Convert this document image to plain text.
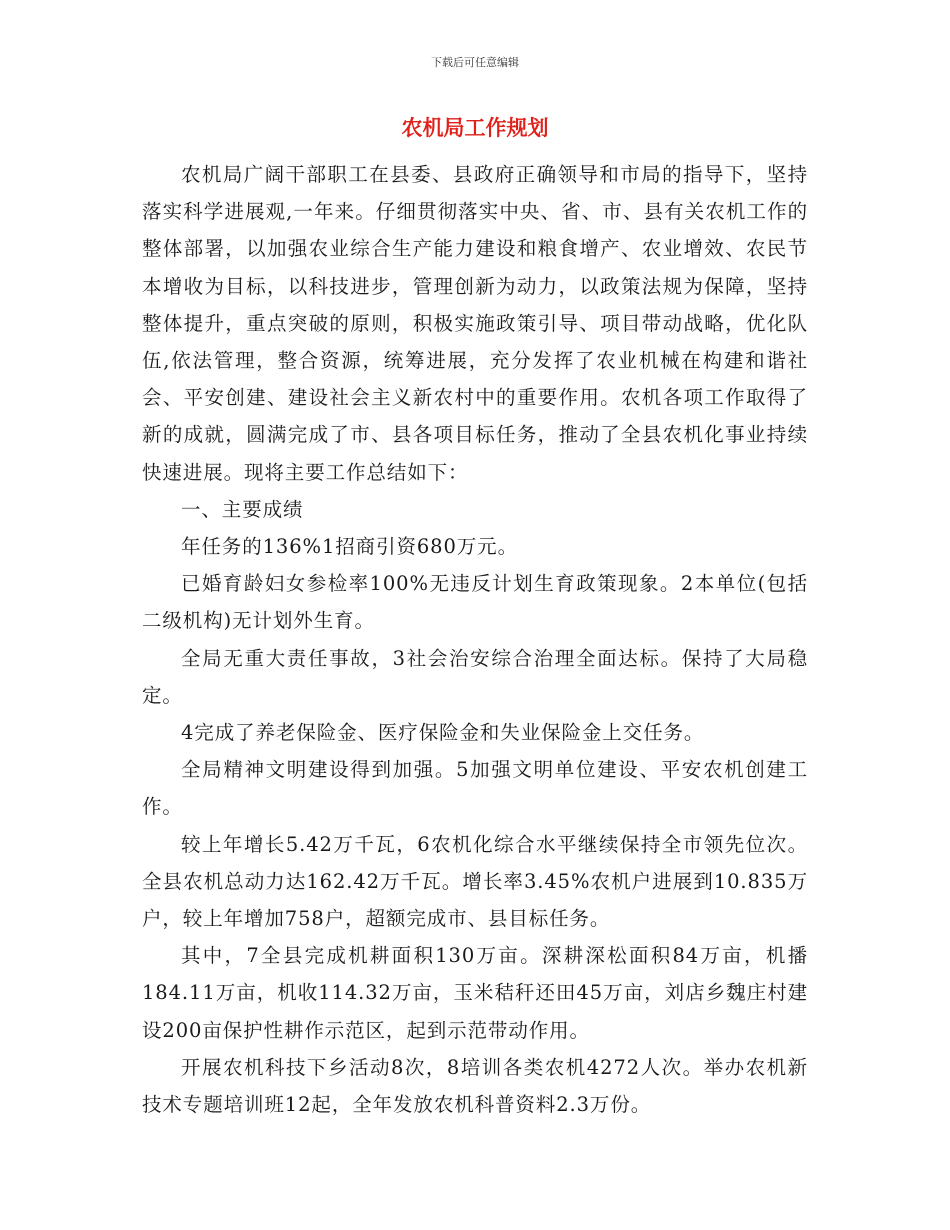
下载后可任意编辑
农机局工作规划

农机局广阔干部职工在县委、县政府正确领导和市局的指导下，坚持落实科学进展观,一年来。仔细贯彻落实中央、省、市、县有关农机工作的整体部署，以加强农业综合生产能力建设和粮食增产、农业增效、农民节本增收为目标，以科技进步，管理创新为动力，以政策法规为保障，坚持整体提升，重点突破的原则，积极实施政策引导、项目带动战略，优化队伍,依法管理，整合资源，统筹进展，充分发挥了农业机械在构建和谐社会、平安创建、建设社会主义新农村中的重要作用。农机各项工作取得了新的成就，圆满完成了市、县各项目标任务，推动了全县农机化事业持续快速进展。现将主要工作总结如下：

一、主要成绩

年任务的136%1招商引资680万元。

已婚育龄妇女参检率100%无违反计划生育政策现象。2本单位(包括二级机构)无计划外生育。

全局无重大责任事故，3社会治安综合治理全面达标。保持了大局稳定。

4完成了养老保险金、医疗保险金和失业保险金上交任务。

全局精神文明建设得到加强。5加强文明单位建设、平安农机创建工作。

较上年增长5.42万千瓦，6农机化综合水平继续保持全市领先位次。全县农机总动力达162.42万千瓦。增长率3.45%农机户进展到10.835万户，较上年增加758户，超额完成市、县目标任务。

其中，7全县完成机耕面积130万亩。深耕深松面积84万亩，机播184.11万亩，机收114.32万亩，玉米秸秆还田45万亩，刘店乡魏庄村建设200亩保护性耕作示范区，起到示范带动作用。

开展农机科技下乡活动8次，8培训各类农机4272人次。举办农机新技术专题培训班12起，全年发放农机科普资料2.3万份。
